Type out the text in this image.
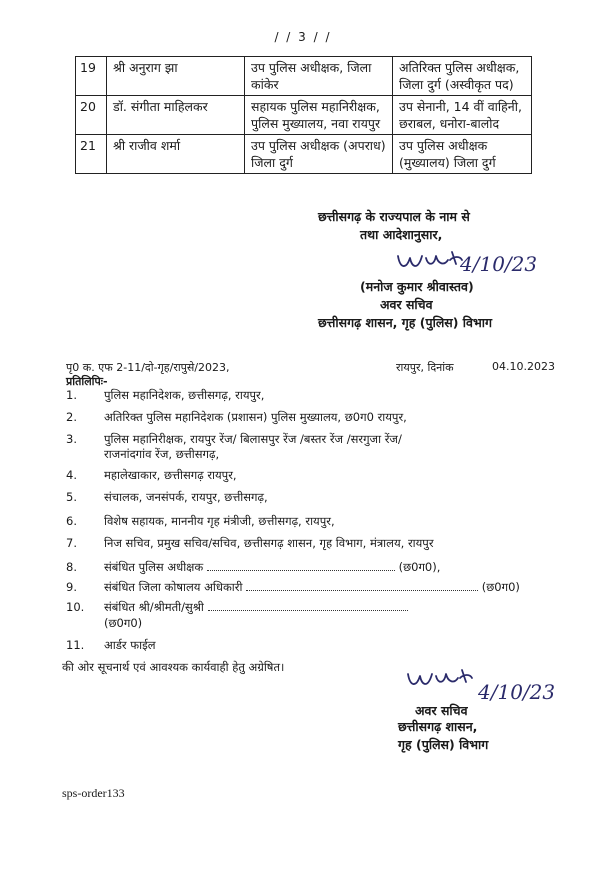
/ / 3 / /
19	श्री अनुराग झा	उप पुलिस अधीक्षक, जिला कांकेर	अतिरिक्त पुलिस अधीक्षक, जिला दुर्ग (अस्वीकृत पद)
20	डॉ. संगीता माहिलकर	सहायक पुलिस महानिरीक्षक, पुलिस मुख्यालय, नवा रायपुर	उप सेनानी, 14 वीं वाहिनी, छराबल, धनोरा-बालोद
21	श्री राजीव शर्मा	उप पुलिस अधीक्षक (अपराध) जिला दुर्ग	उप पुलिस अधीक्षक (मुख्यालय) जिला दुर्ग
छत्तीसगढ़ के राज्यपाल के नाम से
तथा आदेशानुसार,
4/10/23
(मनोज कुमार श्रीवास्तव)
अवर सचिव
छत्तीसगढ़ शासन, गृह (पुलिस) विभाग
पृ0 क. एफ 2-11/दो-गृह/रापुसे/2023,	रायपुर, दिनांक	04.10.2023
प्रतिलिपिः-
1.	पुलिस महानिदेशक, छत्तीसगढ़, रायपुर,
2.	अतिरिक्त पुलिस महानिदेशक (प्रशासन) पुलिस मुख्यालय, छ0ग0 रायपुर,
3.	पुलिस महानिरीक्षक, रायपुर रेंज/ बिलासपुर रेंज /बस्तर रेंज /सरगुजा रेंज/
राजनांदगांव रेंज, छत्तीसगढ़,
4.	महालेखाकार, छत्तीसगढ़ रायपुर,
5.	संचालक, जनसंपर्क, रायपुर, छत्तीसगढ़,
6.	विशेष सहायक, माननीय गृह मंत्रीजी, छत्तीसगढ़, रायपुर,
7.	निज सचिव, प्रमुख सचिव/सचिव, छत्तीसगढ़ शासन, गृह विभाग, मंत्रालय, रायपुर
8.	संबंधित पुलिस अधीक्षक	(छ0ग0),
9.	संबंधित जिला कोषालय अधिकारी	(छ0ग0)
10. संबंधित श्री/श्रीमती/सुश्री
(छ0ग0)
11. आर्डर फाईल
की ओर सूचनार्थ एवं आवश्यक कार्यवाही हेतु अग्रेषित।
4/10/23
अवर सचिव
छत्तीसगढ़ शासन,
गृह (पुलिस) विभाग
sps-order133
